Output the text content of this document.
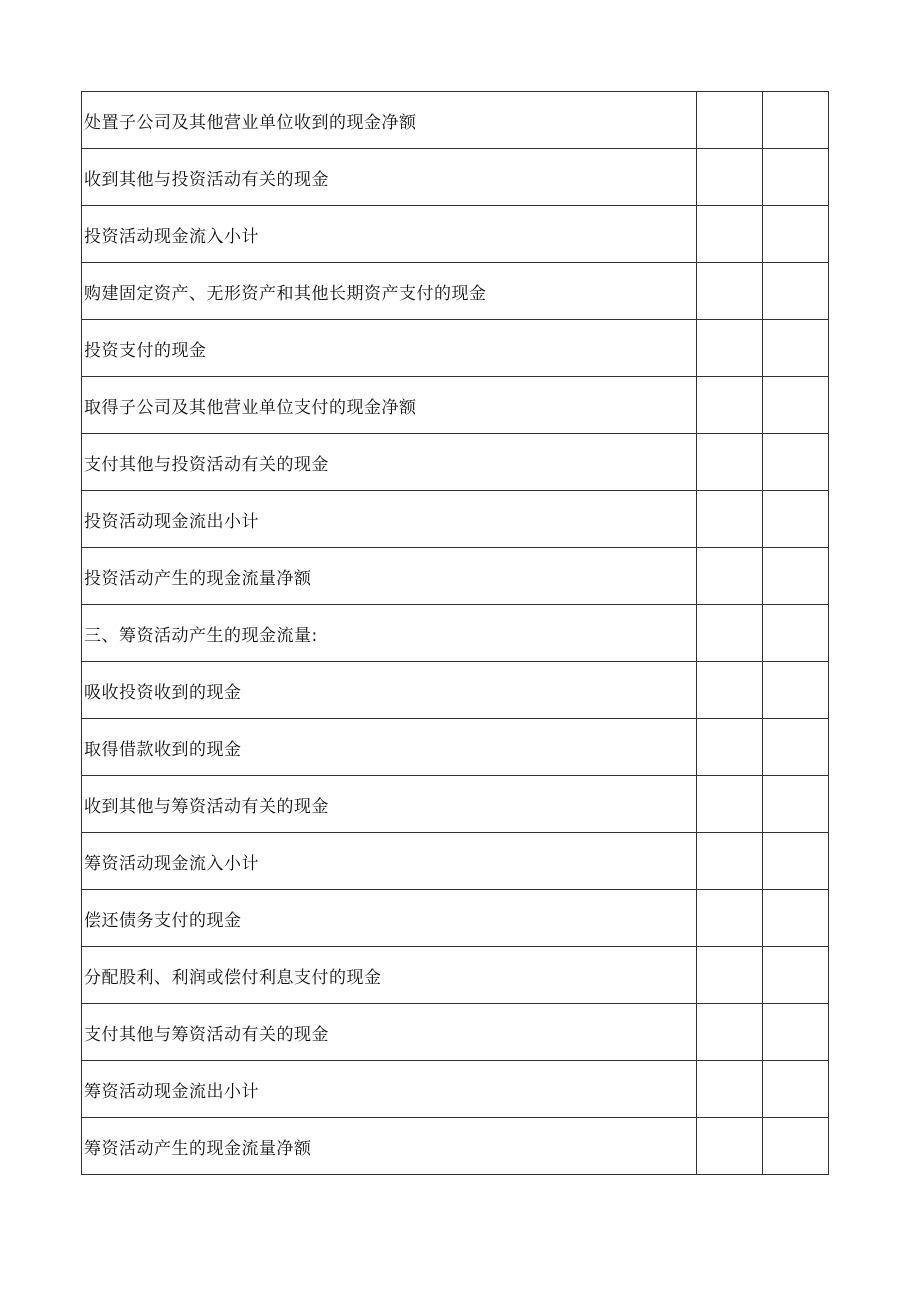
处置子公司及其他营业单位收到的现金净额		
收到其他与投资活动有关的现金		
投资活动现金流入小计		
购建固定资产、无形资产和其他长期资产支付的现金		
投资支付的现金		
取得子公司及其他营业单位支付的现金净额		
支付其他与投资活动有关的现金		
投资活动现金流出小计		
投资活动产生的现金流量净额		
三、筹资活动产生的现金流量:		
吸收投资收到的现金		
取得借款收到的现金		
收到其他与筹资活动有关的现金		
筹资活动现金流入小计		
偿还债务支付的现金		
分配股利、利润或偿付利息支付的现金		
支付其他与筹资活动有关的现金		
筹资活动现金流出小计		
筹资活动产生的现金流量净额		
